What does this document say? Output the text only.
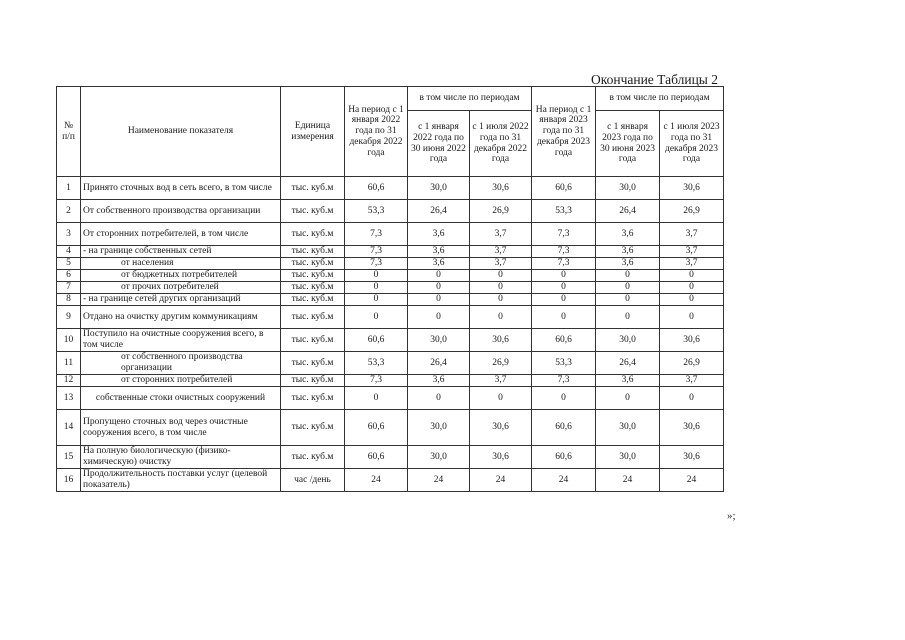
Окончание Таблицы 2
№ п/п	Наименование показателя	Единица измерения	На период с 1 января 2022 года по 31 декабря 2022 года	в том числе по периодам		На период с 1 января 2023 года по 31 декабря 2023 года	в том числе по периодам	
				с 1 января 2022 года по 30 июня 2022 года	с 1 июля 2022 года по 31 декабря 2022 года		с 1 января 2023 года по 30 июня 2023 года	с 1 июля 2023 года по 31 декабря 2023 года
1	Принято сточных вод в сеть всего, в том числе	тыс. куб.м	60,6	30,0	30,6	60,6	30,0	30,6
2	От собственного производства организации	тыс. куб.м	53,3	26,4	26,9	53,3	26,4	26,9
3	От сторонних потребителей, в том числе	тыс. куб.м	7,3	3,6	3,7	7,3	3,6	3,7
4	- на границе собственных сетей	тыс. куб.м	7,3	3,6	3,7	7,3	3,6	3,7
5	от населения	тыс. куб.м	7,3	3,6	3,7	7,3	3,6	3,7
6	от бюджетных потребителей	тыс. куб.м	0	0	0	0	0	0
7	от прочих потребителей	тыс. куб.м	0	0	0	0	0	0
8	- на границе сетей других организаций	тыс. куб.м	0	0	0	0	0	0
9	Отдано на очистку другим коммуникациям	тыс. куб.м	0	0	0	0	0	0
10	Поступило на очистные сооружения всего, в том числе	тыс. куб.м	60,6	30,0	30,6	60,6	30,0	30,6
11	от собственного производства организации	тыс. куб.м	53,3	26,4	26,9	53,3	26,4	26,9
12	от сторонних потребителей	тыс. куб.м	7,3	3,6	3,7	7,3	3,6	3,7
13	собственные стоки очистных сооружений	тыс. куб.м	0	0	0	0	0	0
14	Пропущено сточных вод через очистные сооружения всего, в том числе	тыс. куб.м	60,6	30,0	30,6	60,6	30,0	30,6
15	На полную биологическую (физико-химическую) очистку	тыс. куб.м	60,6	30,0	30,6	60,6	30,0	30,6
16	Продолжительность поставки услуг (целевой показатель)	час /день	24	24	24	24	24	24
»;
